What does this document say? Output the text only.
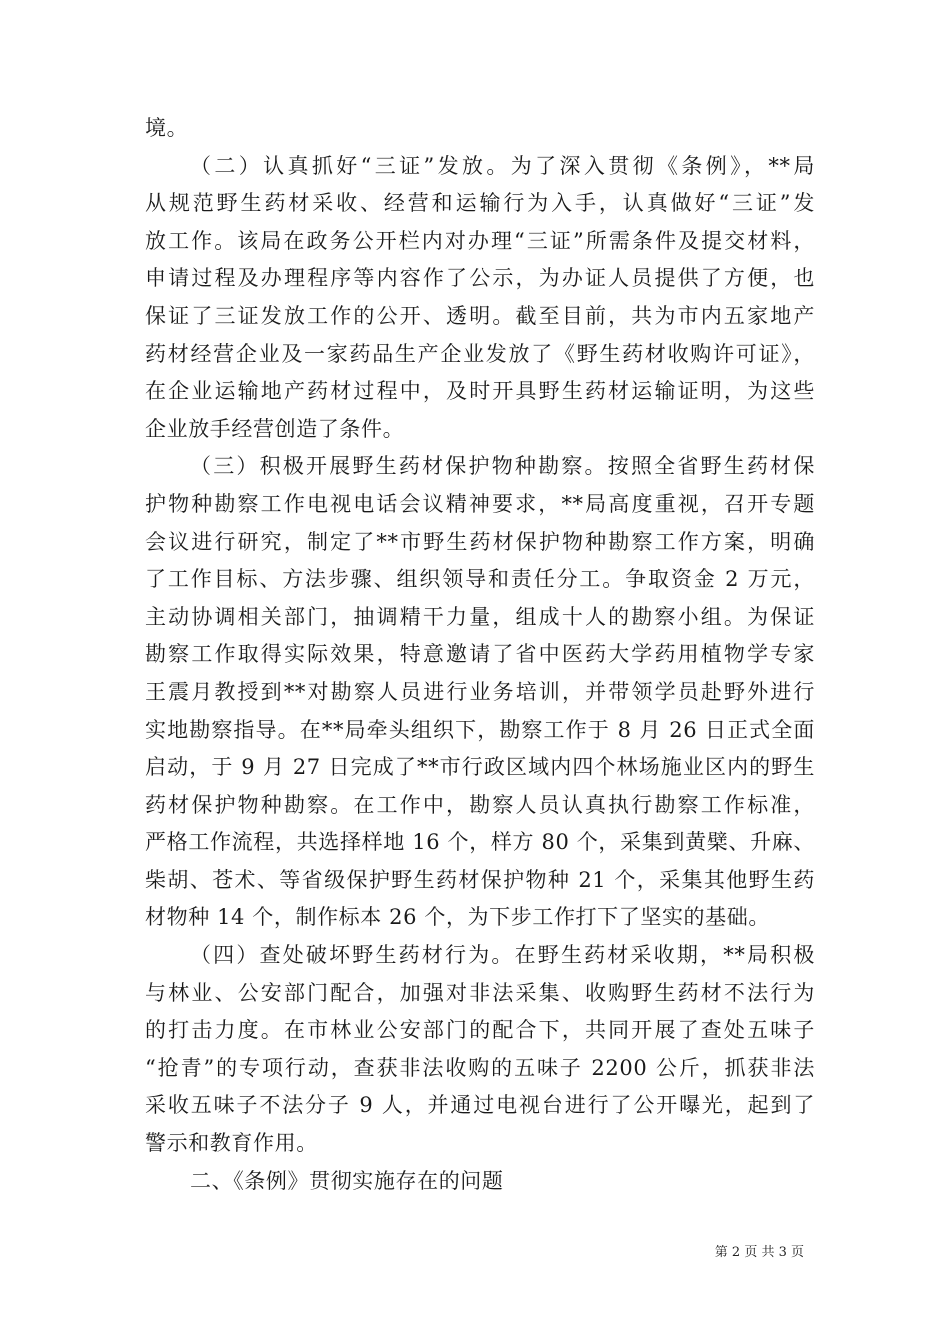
境。
（二）认真抓好“三证”发放。为了深入贯彻《条例》，**局
从规范野生药材采收、经营和运输行为入手，认真做好“三证”发
放工作。该局在政务公开栏内对办理“三证”所需条件及提交材料，
申请过程及办理程序等内容作了公示，为办证人员提供了方便，也
保证了三证发放工作的公开、透明。截至目前，共为市内五家地产
药材经营企业及一家药品生产企业发放了《野生药材收购许可证》，
在企业运输地产药材过程中，及时开具野生药材运输证明，为这些
企业放手经营创造了条件。
（三）积极开展野生药材保护物种勘察。按照全省野生药材保
护物种勘察工作电视电话会议精神要求，**局高度重视，召开专题
会议进行研究，制定了**市野生药材保护物种勘察工作方案，明确
了工作目标、方法步骤、组织领导和责任分工。争取资金 2 万元，
主动协调相关部门，抽调精干力量，组成十人的勘察小组。为保证
勘察工作取得实际效果，特意邀请了省中医药大学药用植物学专家
王震月教授到**对勘察人员进行业务培训，并带领学员赴野外进行
实地勘察指导。在**局牵头组织下，勘察工作于 8 月 26 日正式全面
启动，于 9 月 27 日完成了**市行政区域内四个林场施业区内的野生
药材保护物种勘察。在工作中，勘察人员认真执行勘察工作标准，
严格工作流程，共选择样地 16 个，样方 80 个，采集到黄檗、升麻、
柴胡、苍术、等省级保护野生药材保护物种 21 个，采集其他野生药
材物种 14 个，制作标本 26 个，为下步工作打下了坚实的基础。
（四）查处破坏野生药材行为。在野生药材采收期，**局积极
与林业、公安部门配合，加强对非法采集、收购野生药材不法行为
的打击力度。在市林业公安部门的配合下，共同开展了查处五味子
“抢青”的专项行动，查获非法收购的五味子 2200 公斤，抓获非法
采收五味子不法分子 9 人，并通过电视台进行了公开曝光，起到了
警示和教育作用。
二、《条例》贯彻实施存在的问题
第 2 页 共 3 页
